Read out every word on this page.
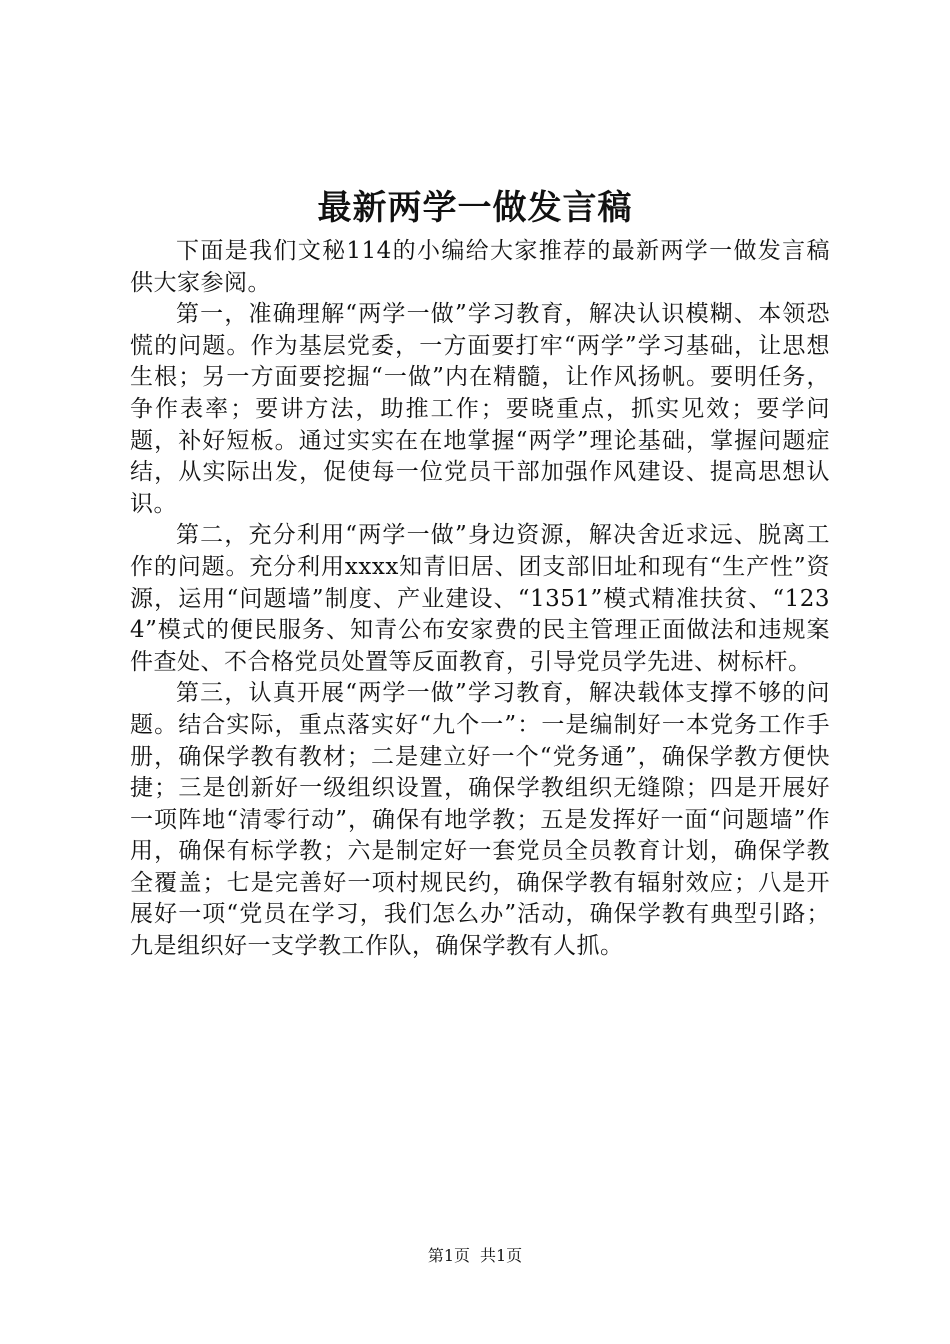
最新两学一做发言稿

下面是我们文秘114的小编给大家推荐的最新两学一做发言稿供大家参阅。

第一，准确理解“两学一做”学习教育，解决认识模糊、本领恐慌的问题。作为基层党委，一方面要打牢“两学”学习基础，让思想生根；另一方面要挖掘“一做”内在精髓，让作风扬帆。要明任务，争作表率；要讲方法，助推工作；要晓重点，抓实见效；要学问题，补好短板。通过实实在在地掌握“两学”理论基础，掌握问题症结，从实际出发，促使每一位党员干部加强作风建设、提高思想认识。

第二，充分利用“两学一做”身边资源，解决舍近求远、脱离工作的问题。充分利用xxxx知青旧居、团支部旧址和现有“生产性”资源，运用“问题墙”制度、产业建设、“1351”模式精准扶贫、“1234”模式的便民服务、知青公布安家费的民主管理正面做法和违规案件查处、不合格党员处置等反面教育，引导党员学先进、树标杆。

第三，认真开展“两学一做”学习教育，解决载体支撑不够的问题。结合实际，重点落实好“九个一”：一是编制好一本党务工作手册，确保学教有教材；二是建立好一个“党务通”，确保学教方便快捷；三是创新好一级组织设置，确保学教组织无缝隙；四是开展好一项阵地“清零行动”，确保有地学教；五是发挥好一面“问题墙”作用，确保有标学教；六是制定好一套党员全员教育计划，确保学教全覆盖；七是完善好一项村规民约，确保学教有辐射效应；八是开展好一项“党员在学习，我们怎么办”活动，确保学教有典型引路；九是组织好一支学教工作队，确保学教有人抓。

第1页 共1页
